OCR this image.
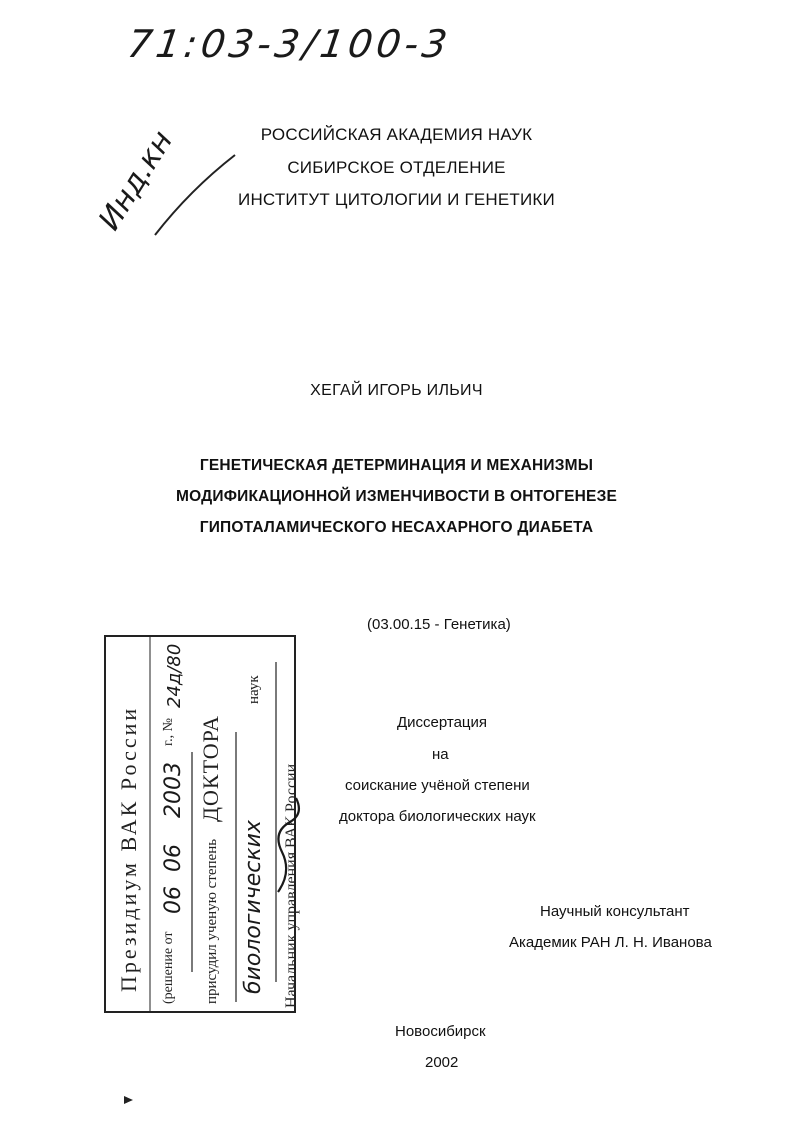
71:03-3/100-3
Инд.кн	РОССИЙСКАЯ АКАДЕМИЯ НАУК
СИБИРСКОЕ ОТДЕЛЕНИЕ
ИНСТИТУТ ЦИТОЛОГИИ И ГЕНЕТИКИ
ХЕГАЙ ИГОРЬ ИЛЬИЧ
ГЕНЕТИЧЕСКАЯ ДЕТЕРМИНАЦИЯ И МЕХАНИЗМЫ
МОДИФИКАЦИОННОЙ ИЗМЕНЧИВОСТИ В ОНТОГЕНЕЗЕ
ГИПОТАЛАМИЧЕСКОГО НЕСАХАРНОГО ДИАБЕТА
(03.00.15 - Генетика)
Диссертация
на
соискание учёной степени
доктора биологических наук
Научный консультант
Академик РАН Л. Н. Иванова
Новосибирск
2002
Президиум ВАК России (решение от
06
06
2003
г., №
24д/80
присудил ученую степень
ДОКТОРА
биологических
наук
Начальник управления ВАК России
